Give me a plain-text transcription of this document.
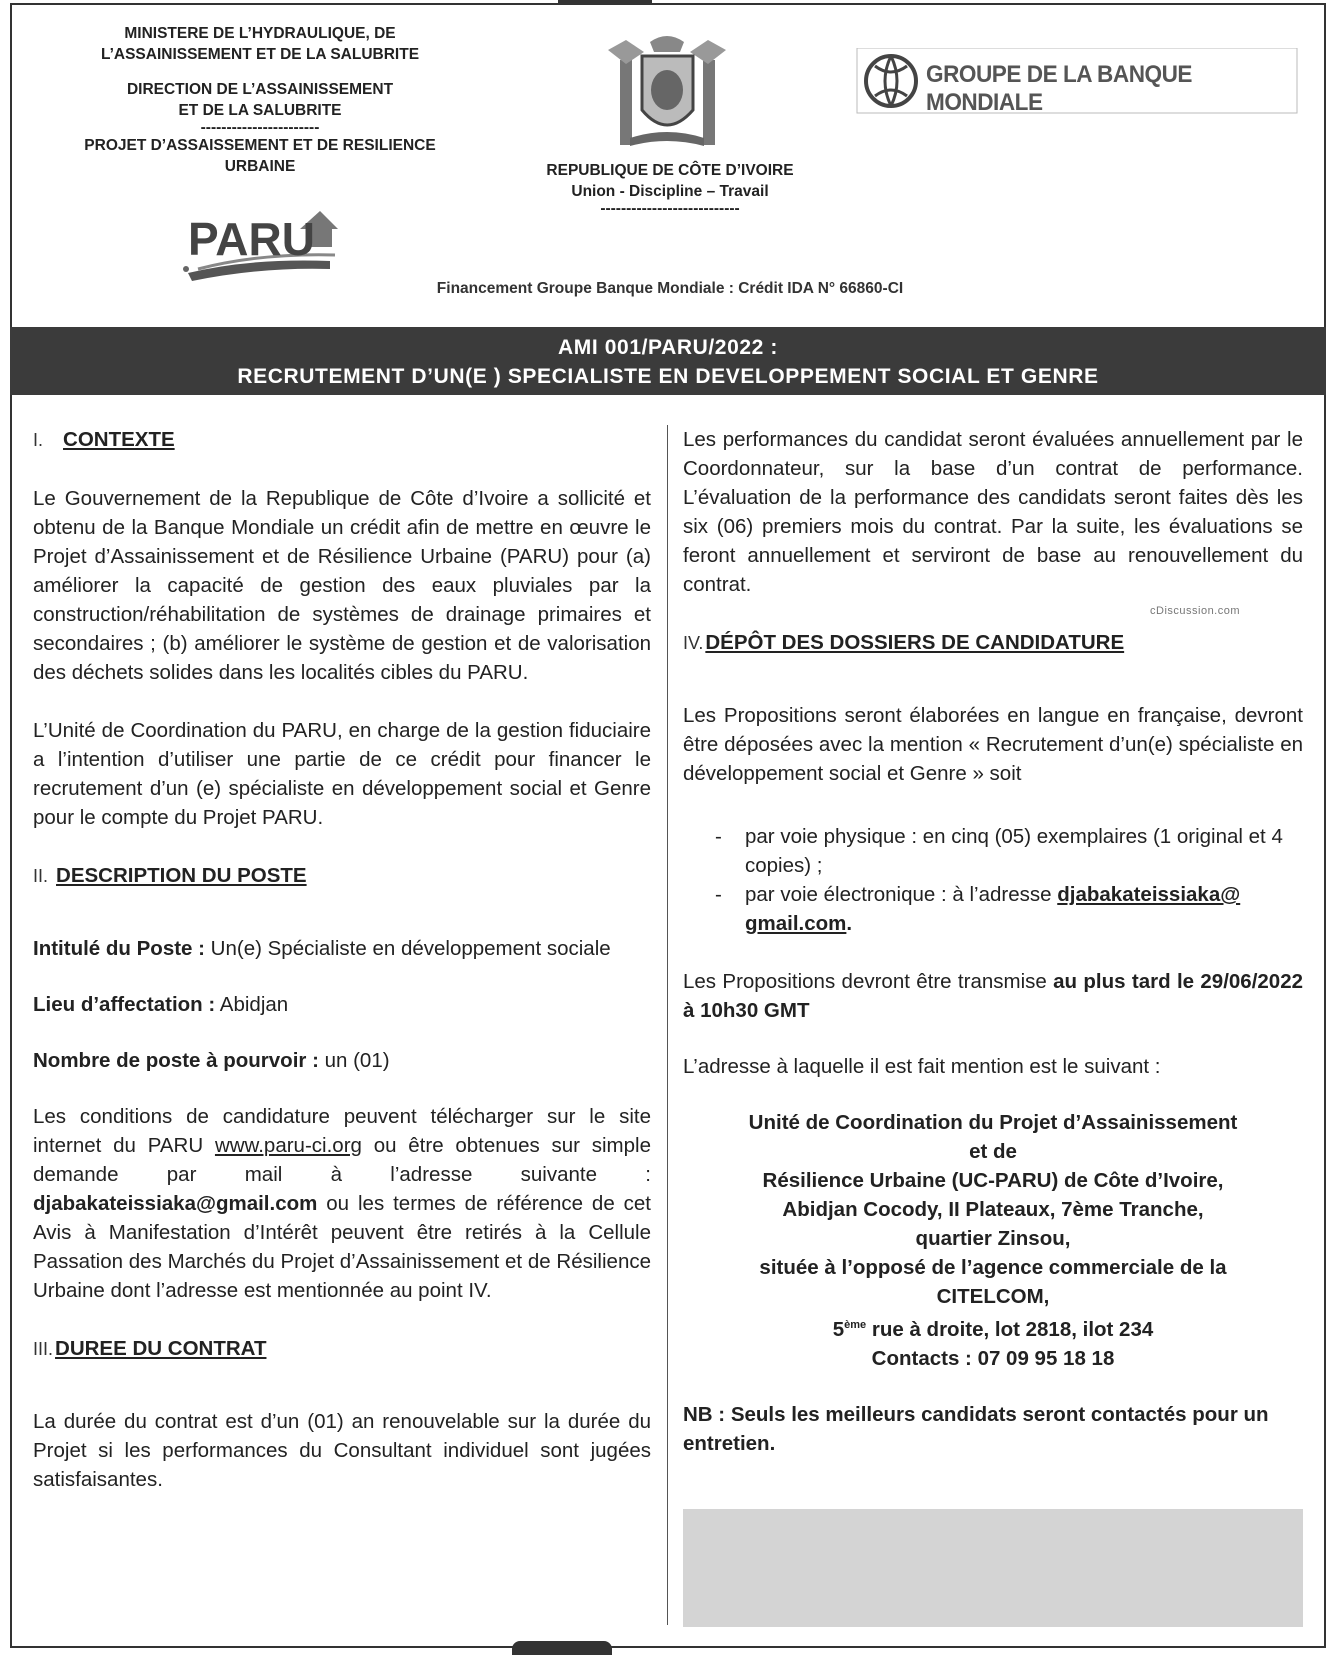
MINISTERE DE L’HYDRAULIQUE, DE
L’ASSAINISSEMENT ET DE LA SALUBRITE
DIRECTION DE L’ASSAINISSEMENT
ET DE LA SALUBRITE
-----------------------
PROJET D’ASSAISSEMENT ET DE RESILIENCE
URBAINE
PARU
REPUBLIQUE DE CÔTE D’IVOIRE
Union - Discipline – Travail
---------------------------
GROUPE DE LA BANQUE MONDIALE
Financement Groupe Banque Mondiale : Crédit IDA N° 66860-CI
AMI 001/PARU/2022 :
RECRUTEMENT D’UN(E ) SPECIALISTE EN DEVELOPPEMENT SOCIAL ET GENRE
I. CONTEXTE

Le Gouvernement de la Republique de Côte d’Ivoire a sollicité et obtenu de la Banque Mondiale un crédit afin de mettre en œuvre le Projet d’Assainissement et de Résilience Urbaine (PARU) pour (a) améliorer la capacité de gestion des eaux pluviales par la construction/réhabilitation de systèmes de drainage primaires et secondaires ; (b) améliorer le système de gestion et de valorisation des déchets solides dans les localités cibles du PARU.

L’Unité de Coordination du PARU, en charge de la gestion fiduciaire a l’intention d’utiliser une partie de ce crédit pour financer le recrutement d’un (e) spécialiste en développement social et Genre pour le compte du Projet PARU.

II. DESCRIPTION DU POSTE

Intitulé du Poste : Un(e) Spécialiste en développement sociale

Lieu d’affectation : Abidjan

Nombre de poste à pourvoir : un (01)

Les conditions de candidature peuvent télécharger sur le site internet du PARU www.paru-ci.org ou être obtenues sur simple demande par mail à l’adresse suivante : djabakateissiaka@gmail.com ou les termes de référence de cet Avis à Manifestation d’Intérêt peuvent être retirés à la Cellule Passation des Marchés du Projet d’Assainissement et de Résilience Urbaine dont l’adresse est mentionnée au point IV.

III. DUREE DU CONTRAT

La durée du contrat est d’un (01) an renouvelable sur la durée du Projet si les performances du Consultant individuel sont jugées satisfaisantes.

Les performances du candidat seront évaluées annuellement par le Coordonnateur, sur la base d’un contrat de performance. L’évaluation de la performance des candidats seront faites dès les six (06) premiers mois du contrat. Par la suite, les évaluations se feront annuellement et serviront de base au renouvellement du contrat.

IV. DÉPÔT DES DOSSIERS DE CANDIDATURE

Les Propositions seront élaborées en langue en française, devront être déposées avec la mention « Recrutement d’un(e) spécialiste en développement social et Genre » soit

- par voie physique : en cinq (05) exemplaires (1 original et 4 copies) ;
- par voie électronique : à l’adresse djabakateissiaka@ gmail.com.

Les Propositions devront être transmise au plus tard le 29/06/2022 à 10h30 GMT

L’adresse à laquelle il est fait mention est le suivant :

Unité de Coordination du Projet d’Assainissement
et de
Résilience Urbaine (UC-PARU) de Côte d’Ivoire,
Abidjan Cocody, II Plateaux, 7ème Tranche,
quartier Zinsou,
située à l’opposé de l’agence commerciale de la
CITELCOM,
5ème rue à droite, lot 2818, ilot 234
Contacts : 07 09 95 18 18

NB : Seuls les meilleurs candidats seront contactés pour un entretien.

cDiscussion.com
